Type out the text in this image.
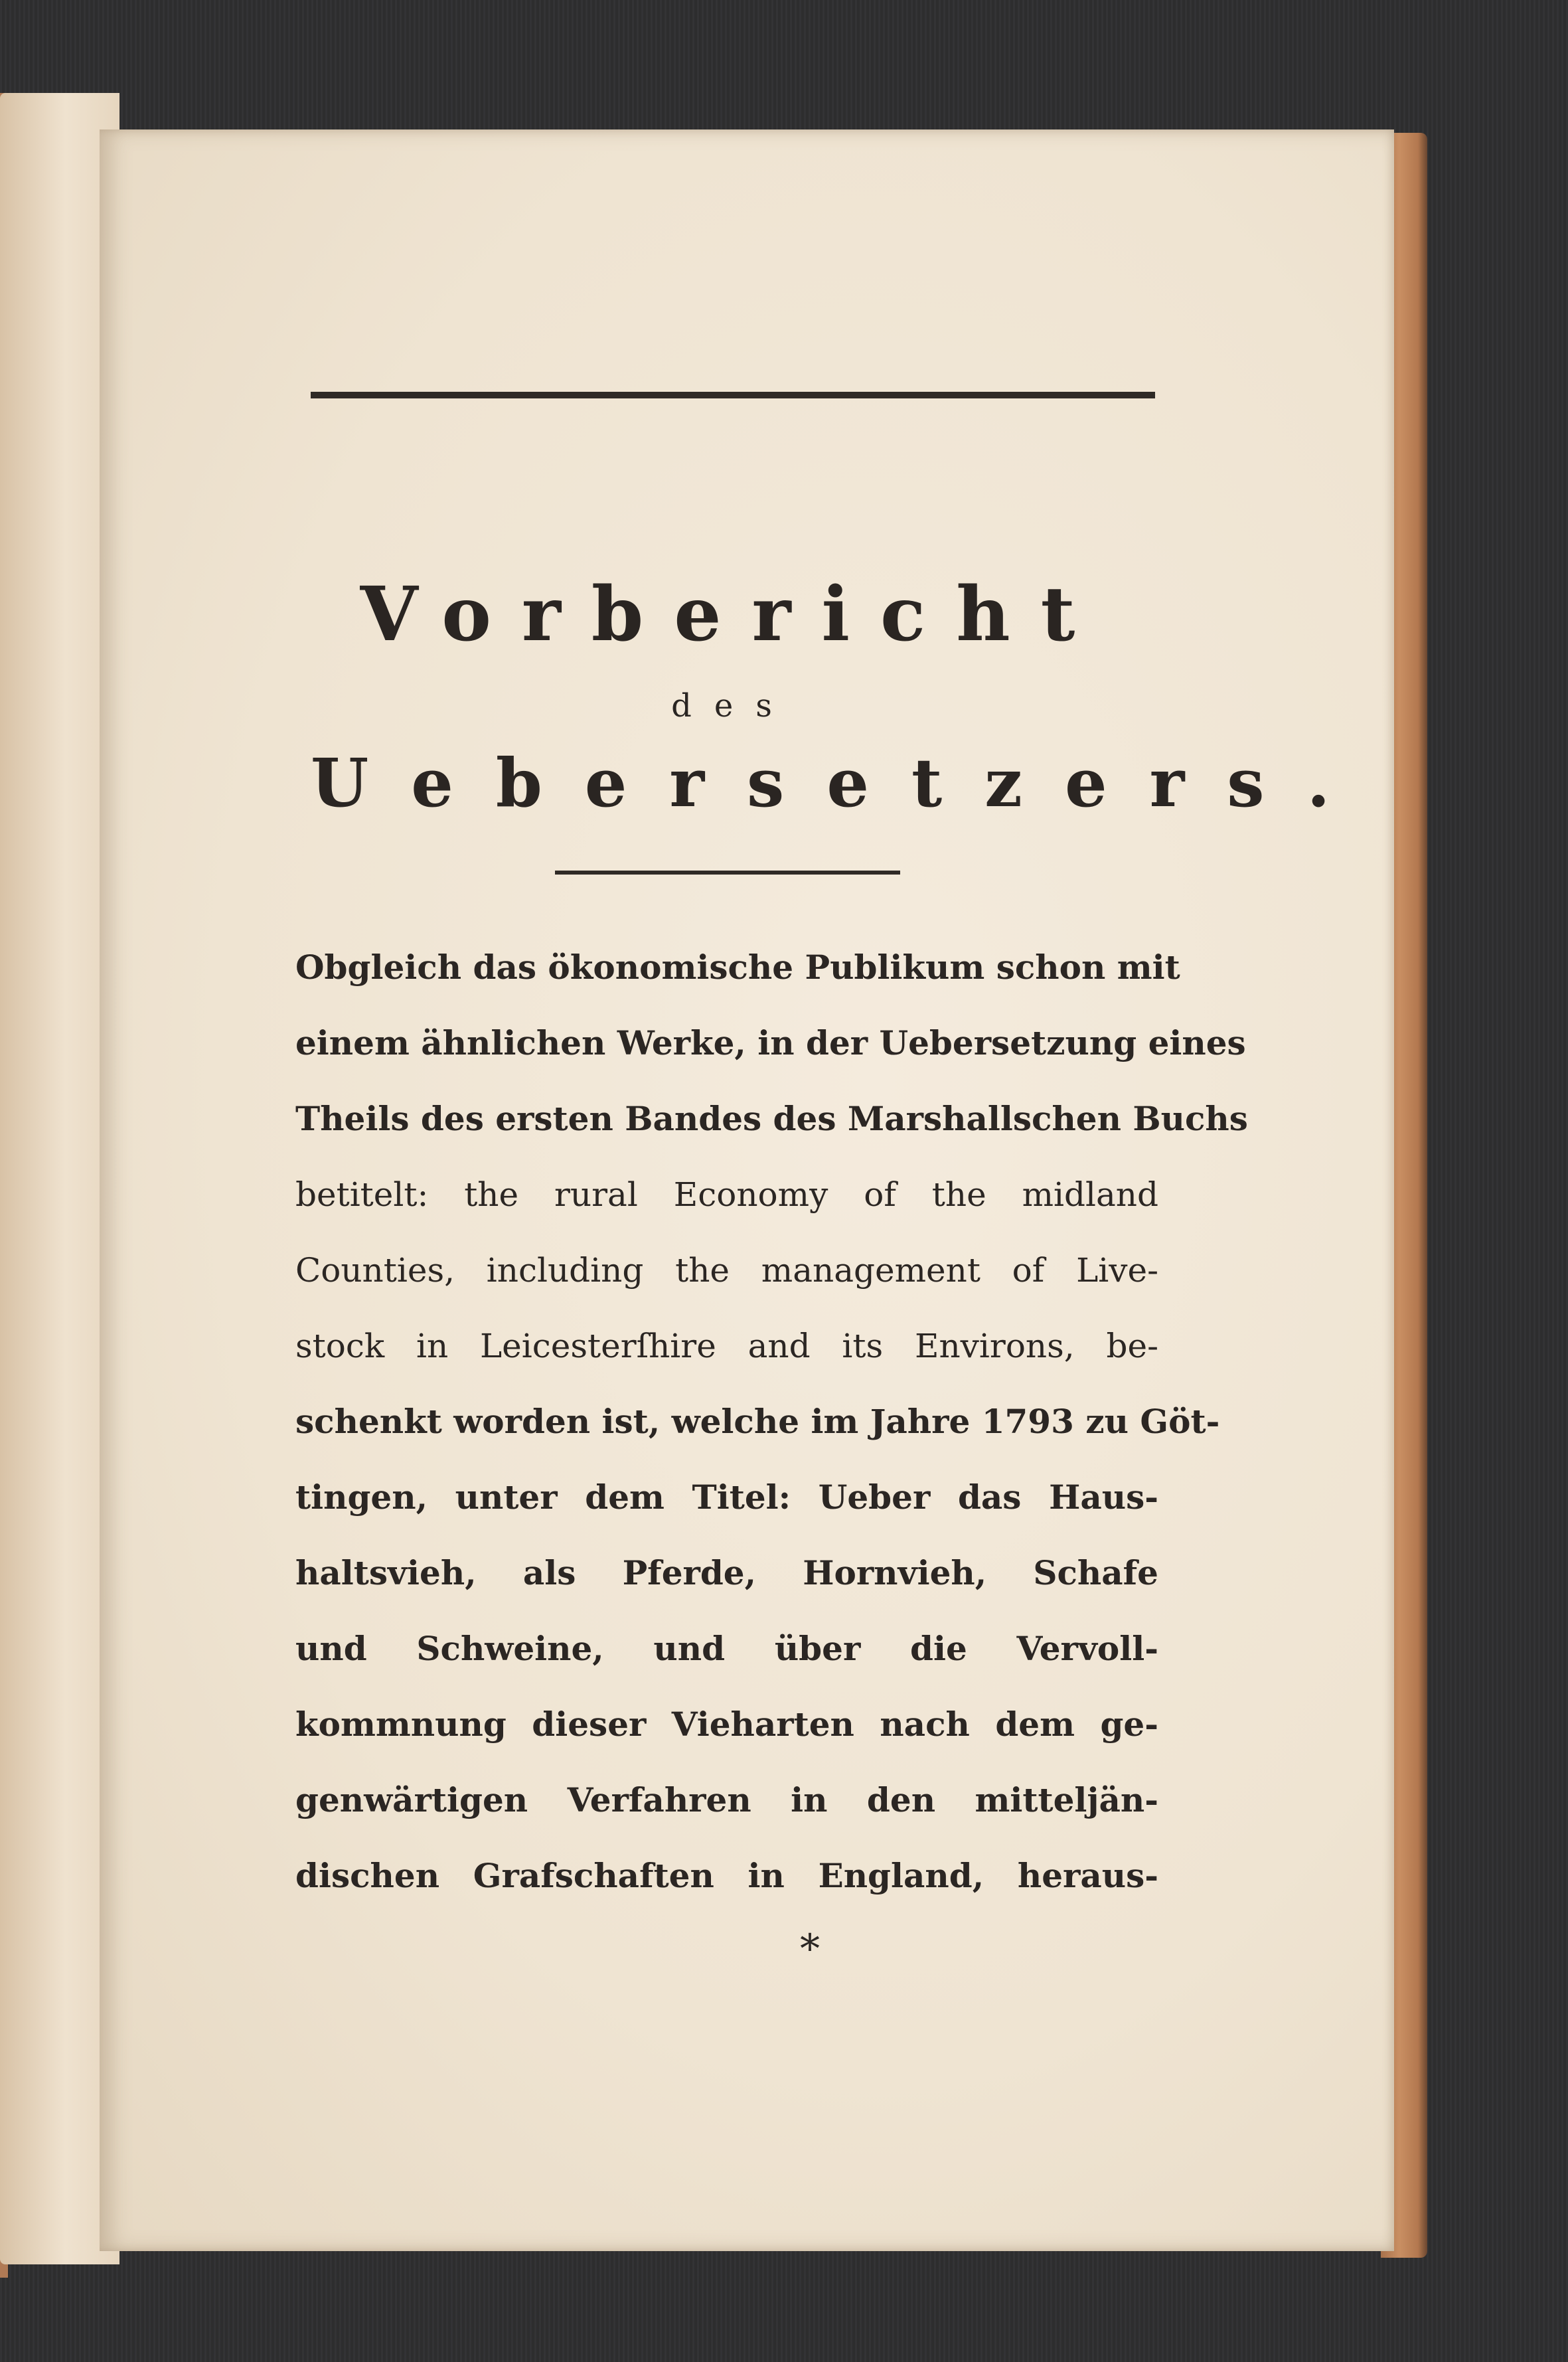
Vorbericht
des
Uebersetzers.
Obgleich das ökonomische Publikum schon mit
einem ähnlichen Werke, in der Uebersetzung eines
Theils des ersten Bandes des Marshallschen Buchs
betitelt: the rural Economy of the midland
Counties, including the management of Live-
stock in Leicesterſhire and its Environs, be-
schenkt worden ist, welche im Jahre 1793 zu Göt-
tingen, unter dem Titel: Ueber das Haus-
haltsvieh, als Pferde, Hornvieh, Schafe
und Schweine, und über die Vervoll-
kommnung dieser Vieharten nach dem ge-
genwärtigen Verfahren in den mitteljän-
dischen Grafschaften in England, heraus-
*
